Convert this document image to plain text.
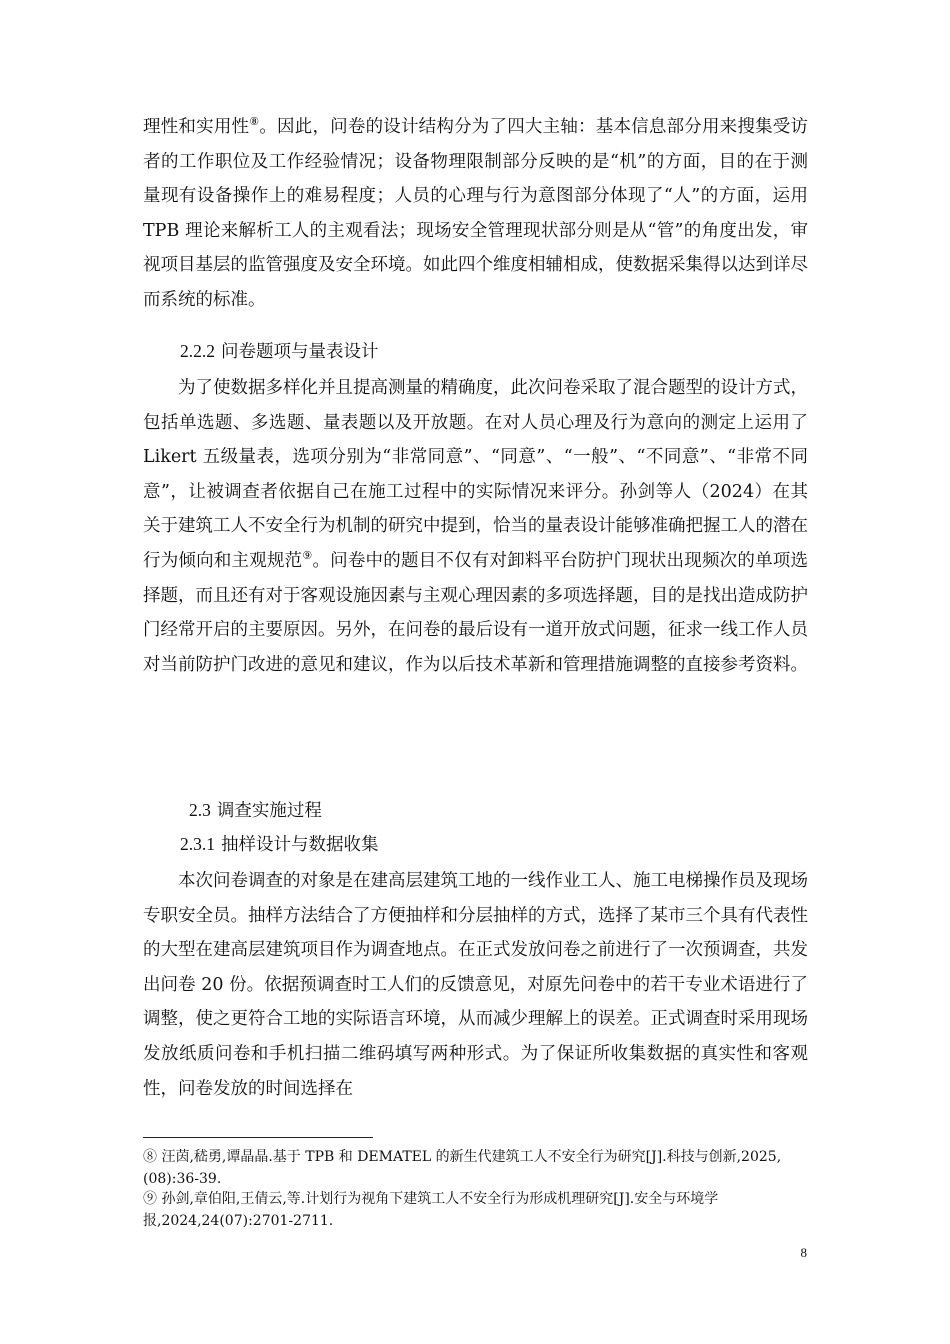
理性和实用性⑧。因此，问卷的设计结构分为了四大主轴：基本信息部分用来搜集受访者的工作职位及工作经验情况；设备物理限制部分反映的是“机”的方面，目的在于测量现有设备操作上的难易程度；人员的心理与行为意图部分体现了“人”的方面，运用 TPB 理论来解析工人的主观看法；现场安全管理现状部分则是从“管”的角度出发，审视项目基层的监管强度及安全环境。如此四个维度相辅相成，使数据采集得以达到详尽而系统的标准。

2.2.2 问卷题项与量表设计

为了使数据多样化并且提高测量的精确度，此次问卷采取了混合题型的设计方式，包括单选题、多选题、量表题以及开放题。在对人员心理及行为意向的测定上运用了 Likert 五级量表，选项分别为“非常同意”、“同意”、“一般”、“不同意”、“非常不同意”，让被调查者依据自己在施工过程中的实际情况来评分。孙剑等人（2024）在其关于建筑工人不安全行为机制的研究中提到，恰当的量表设计能够准确把握工人的潜在行为倾向和主观规范⑨。问卷中的题目不仅有对卸料平台防护门现状出现频次的单项选择题，而且还有对于客观设施因素与主观心理因素的多项选择题，目的是找出造成防护门经常开启的主要原因。另外，在问卷的最后设有一道开放式问题，征求一线工作人员对当前防护门改进的意见和建议，作为以后技术革新和管理措施调整的直接参考资料。

2.3 调查实施过程
2.3.1 抽样设计与数据收集

本次问卷调查的对象是在建高层建筑工地的一线作业工人、施工电梯操作员及现场专职安全员。抽样方法结合了方便抽样和分层抽样的方式，选择了某市三个具有代表性的大型在建高层建筑项目作为调查地点。在正式发放问卷之前进行了一次预调查，共发出问卷 20 份。依据预调查时工人们的反馈意见，对原先问卷中的若干专业术语进行了调整，使之更符合工地的实际语言环境，从而减少理解上的误差。正式调查时采用现场发放纸质问卷和手机扫描二维码填写两种形式。为了保证所收集数据的真实性和客观性，问卷发放的时间选择在

⑧ 汪茵,嵇勇,谭晶晶.基于 TPB 和 DEMATEL 的新生代建筑工人不安全行为研究[J].科技与创新,2025,(08):36-39.

⑨ 孙剑,章伯阳,王倩云,等.计划行为视角下建筑工人不安全行为形成机理研究[J].安全与环境学报,2024,24(07):2701-2711.

8
